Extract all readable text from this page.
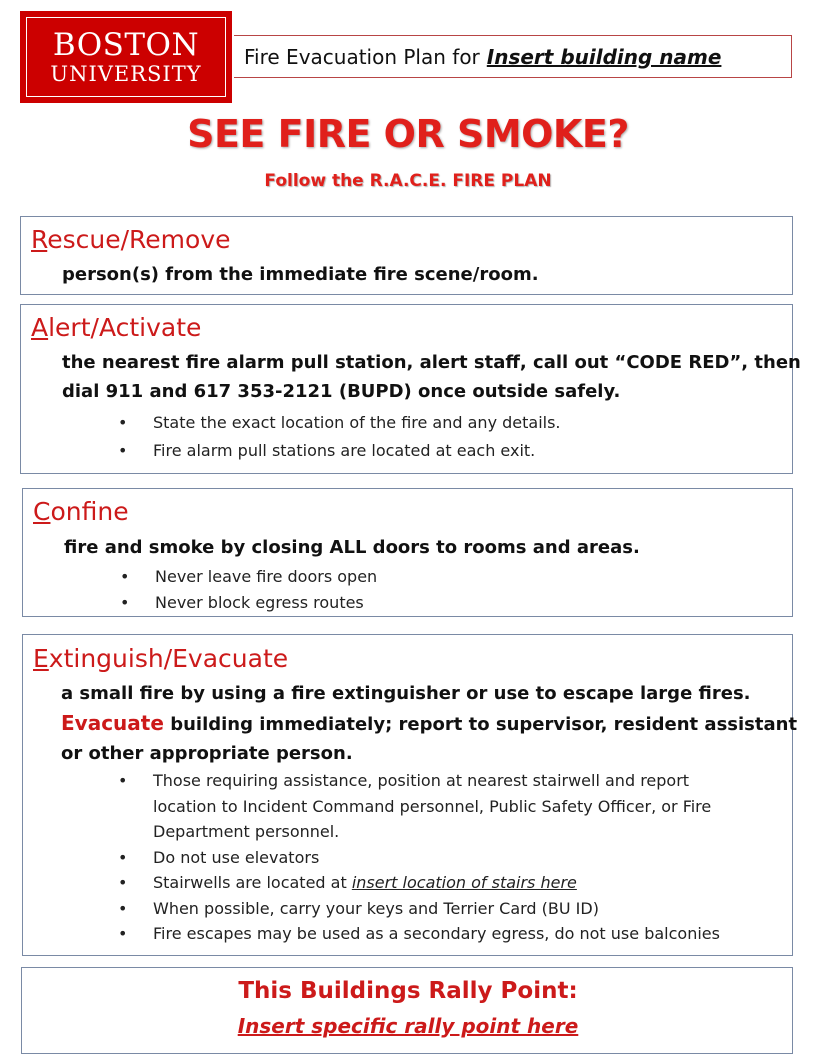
BOSTON
UNIVERSITY
Fire Evacuation Plan for Insert building name
SEE FIRE OR SMOKE?
Follow the R.A.C.E. FIRE PLAN
Rescue/Remove
person(s) from the immediate fire scene/room.
Alert/Activate
the nearest fire alarm pull station, alert staff, call out “CODE RED”, then
dial 911 and 617 353-2121 (BUPD) once outside safely.
• State the exact location of the fire and any details.
• Fire alarm pull stations are located at each exit.
Confine
fire and smoke by closing ALL doors to rooms and areas.
• Never leave fire doors open
• Never block egress routes
Extinguish/Evacuate
a small fire by using a fire extinguisher or use to escape large fires.
Evacuate building immediately; report to supervisor, resident assistant
or other appropriate person.
• Those requiring assistance, position at nearest stairwell and report
location to Incident Command personnel, Public Safety Officer, or Fire
Department personnel.
• Do not use elevators
• Stairwells are located at insert location of stairs here
• When possible, carry your keys and Terrier Card (BU ID)
• Fire escapes may be used as a secondary egress, do not use balconies
This Buildings Rally Point:
Insert specific rally point here
